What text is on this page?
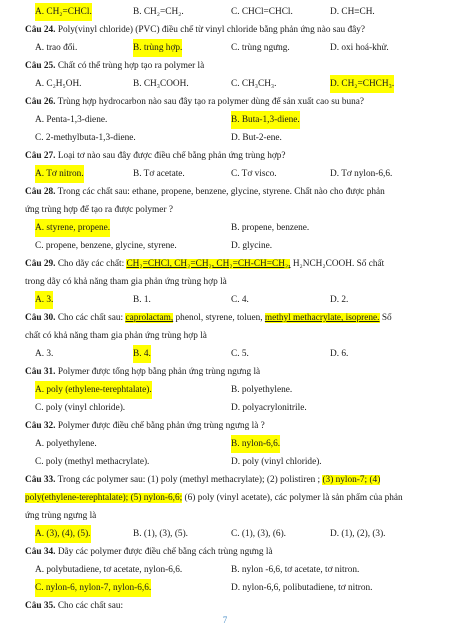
A. CH₂=CHCl.	B. CH₂=CH₂.	C. CHCl=CHCl.	D. CH≡CH.
Câu 24. Poly(vinyl chloride) (PVC) điều chế từ vinyl chloride bằng phản ứng nào sau đây?
A. trao đổi.	B. trùng hợp.	C. trùng ngưng.	D. oxi hoá-khử.
Câu 25. Chất có thể trùng hợp tạo ra polymer là
A. C₂H₅OH.	B. CH₃COOH.	C. CH₃CH₃.	D. CH₂=CHCH₃.
Câu 26. Trùng hợp hydrocarbon nào sau đây tạo ra polymer dùng để sản xuất cao su buna?
A. Penta-1,3-diene.	B. Buta-1,3-diene.
C. 2-methylbuta-1,3-diene.	D. But-2-ene.
Câu 27. Loại tơ nào sau đây được điều chế bằng phản ứng trùng hợp?
A. Tơ nitron.	B. Tơ acetate.	C. Tơ visco.	D. Tơ nylon-6,6.
Câu 28. Trong các chất sau: ethane, propene, benzene, glycine, styrene. Chất nào cho được phản
ứng trùng hợp để tạo ra được polymer ?
A. styrene, propene.	B. propene, benzene.
C. propene, benzene, glycine, styrene.	D. glycine.
Câu 29. Cho dãy các chất: CH₂=CHCl, CH₂=CH₂, CH₂=CH-CH=CH₂, H₂NCH₂COOH. Số chất
trong dãy có khả năng tham gia phản ứng trùng hợp là
A. 3.	B. 1.	C. 4.	D. 2.
Câu 30. Cho các chất sau: caprolactam, phenol, styrene, toluen, methyl methacrylate, isoprene. Số
chất có khả năng tham gia phản ứng trùng hợp là
A. 3.	B. 4.	C. 5.	D. 6.
Câu 31. Polymer được tổng hợp bằng phản ứng trùng ngưng là
A. poly (ethylene-terephtalate).	B. polyethylene.
C. poly (vinyl chloride).	D. polyacrylonitrile.
Câu 32. Polymer được điều chế bằng phản ứng trùng ngưng là ?
A. polyethylene.	B. nylon-6,6.
C. poly (methyl methacrylate).	D. poly (vinyl chloride).
Câu 33. Trong các polymer sau: (1) poly (methyl methacrylate); (2) polistiren ; (3) nylon-7; (4)
poly(ethylene-terephtalate); (5) nylon-6,6; (6) poly (vinyl acetate), các polymer là sản phẩm của phản
ứng trùng ngưng là
A. (3), (4), (5).	B. (1), (3), (5).	C. (1), (3), (6).	D. (1), (2), (3).
Câu 34. Dãy các polymer được điều chế bằng cách trùng ngưng là
A. polybutadiene, tơ acetate, nylon-6,6.	B. nylon -6,6, tơ acetate, tơ nitron.
C. nylon-6, nylon-7, nylon-6,6.	D. nylon-6,6, polibutadiene, tơ nitron.
Câu 35. Cho các chất sau:
7
